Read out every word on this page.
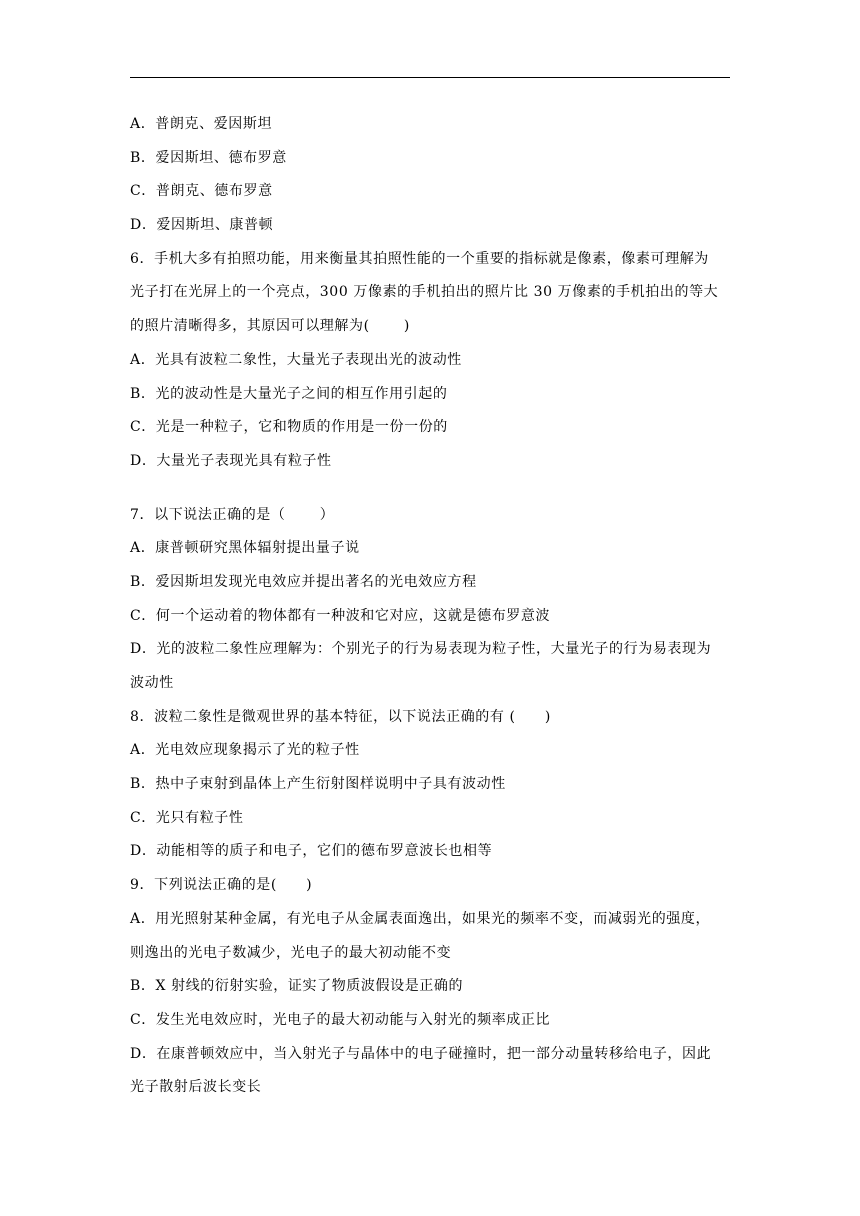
A．普朗克、爱因斯坦
B．爱因斯坦、德布罗意
C．普朗克、德布罗意
D．爱因斯坦、康普顿
6．手机大多有拍照功能，用来衡量其拍照性能的一个重要的指标就是像素，像素可理解为
光子打在光屏上的一个亮点，300 万像素的手机拍出的照片比 30 万像素的手机拍出的等大
的照片清晰得多，其原因可以理解为(　　 )
A．光具有波粒二象性，大量光子表现出光的波动性
B．光的波动性是大量光子之间的相互作用引起的
C．光是一种粒子，它和物质的作用是一份一份的
D．大量光子表现光具有粒子性
7．以下说法正确的是（　　 ）
A．康普顿研究黑体辐射提出量子说
B．爱因斯坦发现光电效应并提出著名的光电效应方程
C．何一个运动着的物体都有一种波和它对应，这就是德布罗意波
D．光的波粒二象性应理解为：个别光子的行为易表现为粒子性，大量光子的行为易表现为
波动性
8．波粒二象性是微观世界的基本特征，以下说法正确的有 (　　)
A．光电效应现象揭示了光的粒子性
B．热中子束射到晶体上产生衍射图样说明中子具有波动性
C．光只有粒子性
D．动能相等的质子和电子，它们的德布罗意波长也相等
9．下列说法正确的是(　　)
A．用光照射某种金属，有光电子从金属表面逸出，如果光的频率不变，而减弱光的强度，
则逸出的光电子数减少，光电子的最大初动能不变
B．X 射线的衍射实验，证实了物质波假设是正确的
C．发生光电效应时，光电子的最大初动能与入射光的频率成正比
D．在康普顿效应中，当入射光子与晶体中的电子碰撞时，把一部分动量转移给电子，因此
光子散射后波长变长
